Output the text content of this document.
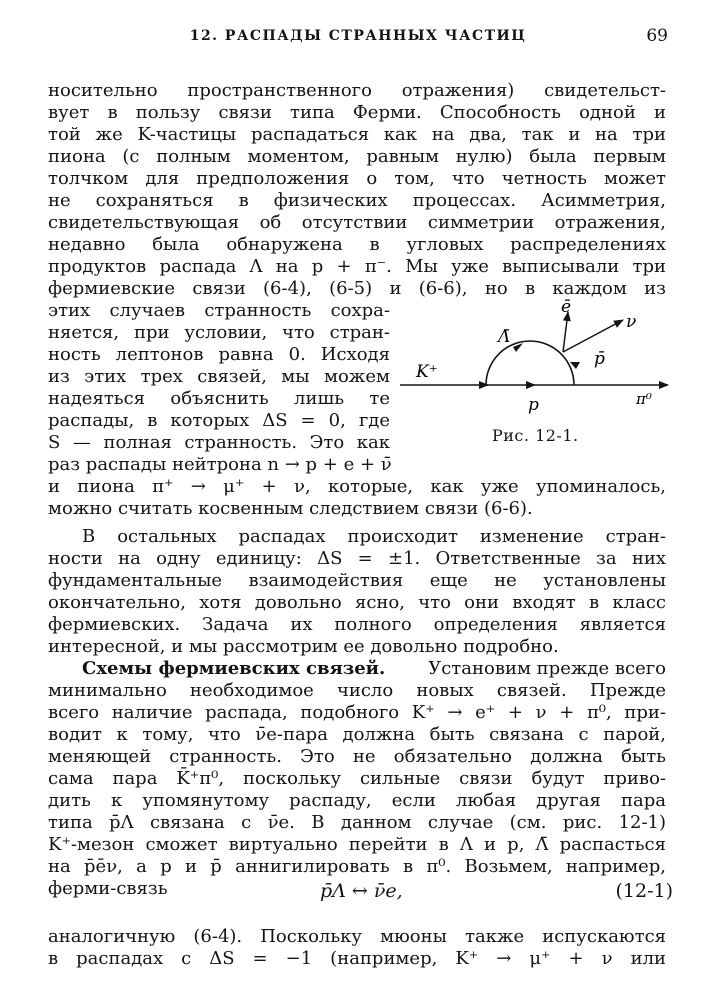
12. РАСПАДЫ СТРАННЫХ ЧАСТИЦ	69
носительно пространственного отражения) свидетельст-
вует в пользу связи типа Ферми. Способность одной и
той же K-частицы распадаться как на два, так и на три
пиона (с полным моментом, равным нулю) была первым
толчком для предположения о том, что четность может
не сохраняться в физических процессах. Асимметрия,
свидетельствующая об отсутствии симметрии отражения,
недавно была обнаружена в угловых распределениях
продуктов распада Λ на p + π⁻. Мы уже выписывали три
фермиевские связи (6-4), (6-5) и (6-6), но в каждом из
этих случаев странность сохра-
няется, при условии, что стран-
ность лептонов равна 0. Исходя
из этих трех связей, мы можем
надеяться объяснить лишь те
распады, в которых ΔS = 0, где
S — полная странность. Это как
раз распады нейтрона n → p + e + ν̄
и пиона π⁺ → μ⁺ + ν, которые, как уже упоминалось,
можно считать косвенным следствием связи (6-6).
В остальных распадах происходит изменение стран-
ности на одну единицу: ΔS = ±1. Ответственные за них
фундаментальные взаимодействия еще не установлены
окончательно, хотя довольно ясно, что они входят в класс
фермиевских. Задача их полного определения является
интересной, и мы рассмотрим ее довольно подробно.
Схемы фермиевских связей. Установим прежде всего
минимально необходимое число новых связей. Прежде
всего наличие распада, подобного K⁺ → e⁺ + ν + π⁰, при-
водит к тому, что ν̄e-пара должна быть связана с парой,
меняющей странность. Это не обязательно должна быть
сама пара K̄⁺π⁰, поскольку сильные связи будут приво-
дить к упомянутому распаду, если любая другая пара
типа p̄Λ связана с ν̄e. В данном случае (см. рис. 12-1)
K⁺-мезон сможет виртуально перейти в Λ и p, Λ̄ распасться
на p̄ēν, а p и p̄ аннигилировать в π⁰. Возьмем, например,
ферми-связь	p̄Λ ↔ ν̄e,	(12-1)
аналогичную (6-4). Поскольку мюоны также испускаются
в распадах с ΔS = −1 (например, K⁺ → μ⁺ + ν или
K⁺
Λ̄
ē
ν
p̄
p	π⁰
Рис. 12-1.
